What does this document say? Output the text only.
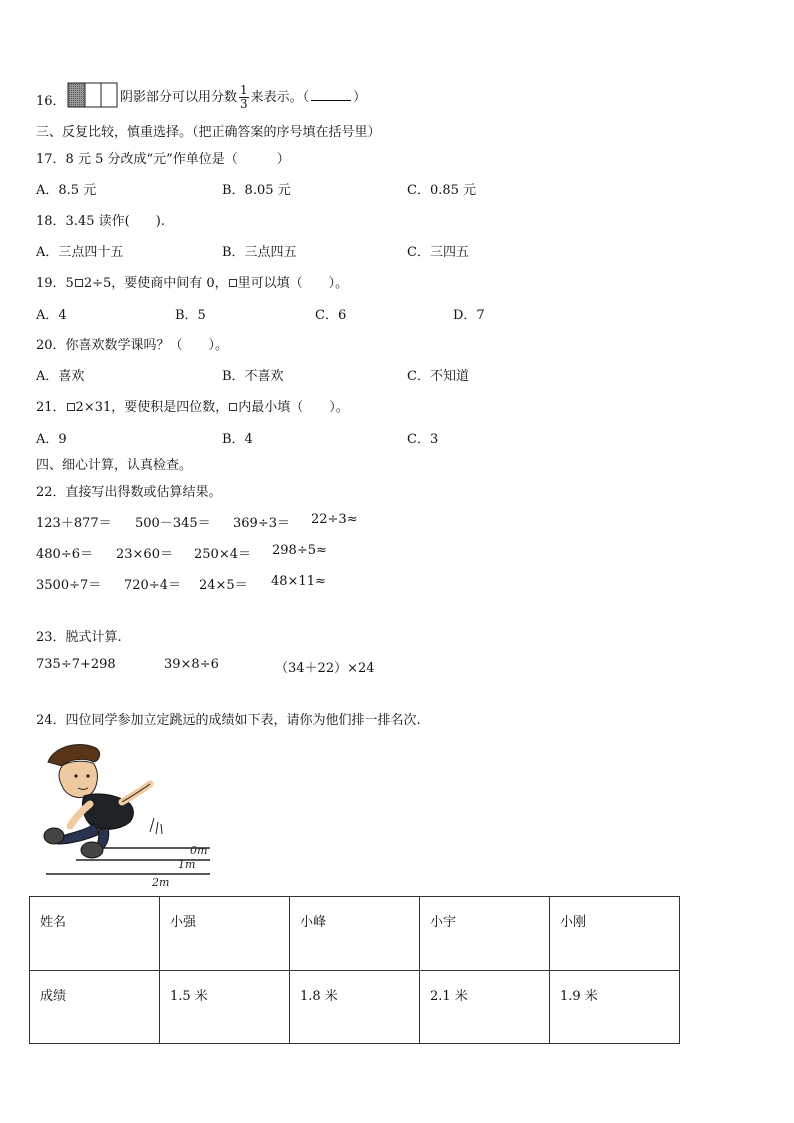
16．	阴影部分可以用分数 $\frac{1}{3}$ 来表示。（	）
三、反复比较，慎重选择。（把正确答案的序号填在括号里）
17．8 元 5 分改成“元”作单位是（　　　）
A．8.5 元	B．8.05 元	C．0.85 元
18．3.45 读作(　　).
A．三点四十五	B．三点四五	C．三四五
19．5 2÷5，要使商中间有 0， 里可以填（　　）。
A．4	B．5	C．6	D．7
20．你喜欢数学课吗？（　　）。
A．喜欢	B．不喜欢	C．不知道
21． 2×31，要使积是四位数， 内最小填（　　）。
A．9	B．4	C．3
四、细心计算，认真检查。
22．直接写出得数或估算结果。
123＋877＝ 500－345＝ 369÷3＝ 22÷3≈
480÷6＝ 23×60＝ 250×4＝ 298÷5≈
3500÷7＝ 720÷4＝ 24×5＝ 48×11≈
23．脱式计算.
735÷7+298	39×8÷6	（34＋22）×24
24．四位同学参加立定跳远的成绩如下表，请你为他们排一排名次.
0m
1m
2m
姓名	小强	小峰	小宇	小刚
成绩	1.5 米	1.8 米	2.1 米	1.9 米
